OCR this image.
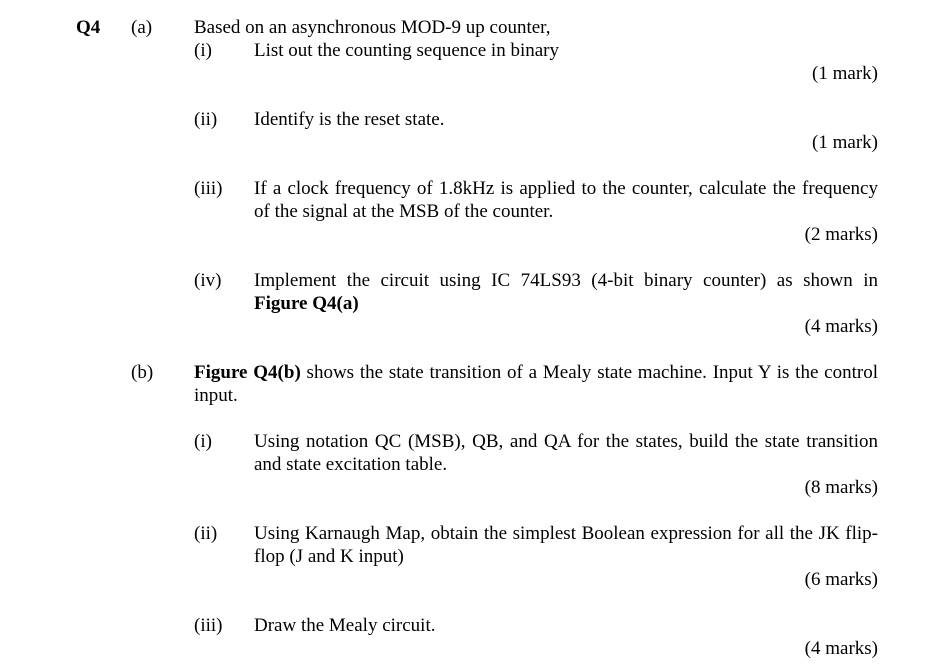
Q4 (a) Based on an asynchronous MOD-9 up counter,
(i) List out the counting sequence in binary
(1 mark)
(ii) Identify is the reset state.
(1 mark)
(iii) If a clock frequency of 1.8kHz is applied to the counter, calculate the frequency of the signal at the MSB of the counter.
(2 marks)
(iv) Implement the circuit using IC 74LS93 (4-bit binary counter) as shown in
Figure Q4(a)
(4 marks)
(b) Figure Q4(b) shows the state transition of a Mealy state machine. Input Y is the control input.
(i) Using notation QC (MSB), QB, and QA for the states, build the state transition and state excitation table.
(8 marks)
(ii) Using Karnaugh Map, obtain the simplest Boolean expression for all the JK flip-flop (J and K input)
(6 marks)
(iii) Draw the Mealy circuit.
(4 marks)
